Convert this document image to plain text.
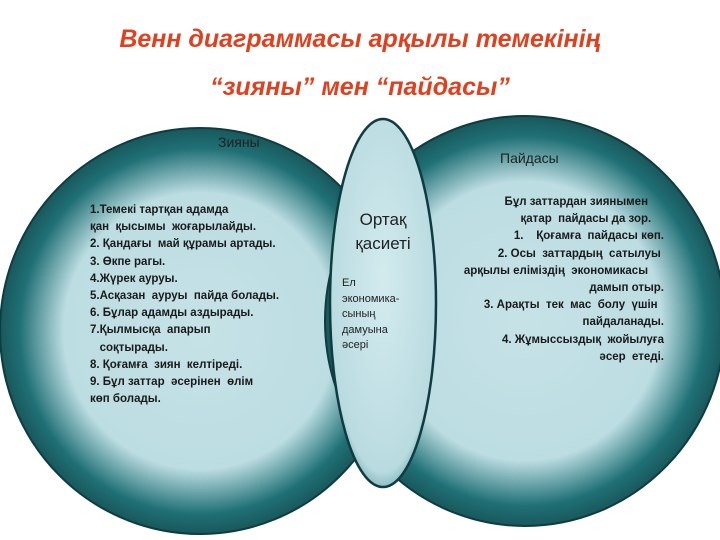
Венн диаграммасы арқылы темекінің
“зияны” мен “пайдасы”
Зияны
1.Темекі тартқан адамда
қан  қысымы  жоғарылайды.
2. Қандағы  май құрамы артады.
3. Өкпе рагы.
4.Жүрек ауруы.
5.Асқазан  ауруы  пайда болады.
6. Бұлар адамды аздырады.
7.Қылмысқа  апарып
соқтырады.
8. Қоғамға  зиян  келтіреді.
9. Бұл заттар  әсерінен  өлім
көп болады.
Ортақ
қасиеті
Ел
экономика-
сының
дамуына
әсері
Пайдасы
Бұл заттардан зиянымен
қатар  пайдасы да зор.
1.    Қоғамға  пайдасы көп.
2. Осы  заттардың  сатылуы
арқылы еліміздің  экономикасы
дамып отыр.
3. Арақты  тек  мас  болу  үшін
пайдаланады.
4. Жұмыссыздық  жойылуға
әсер  етеді.
